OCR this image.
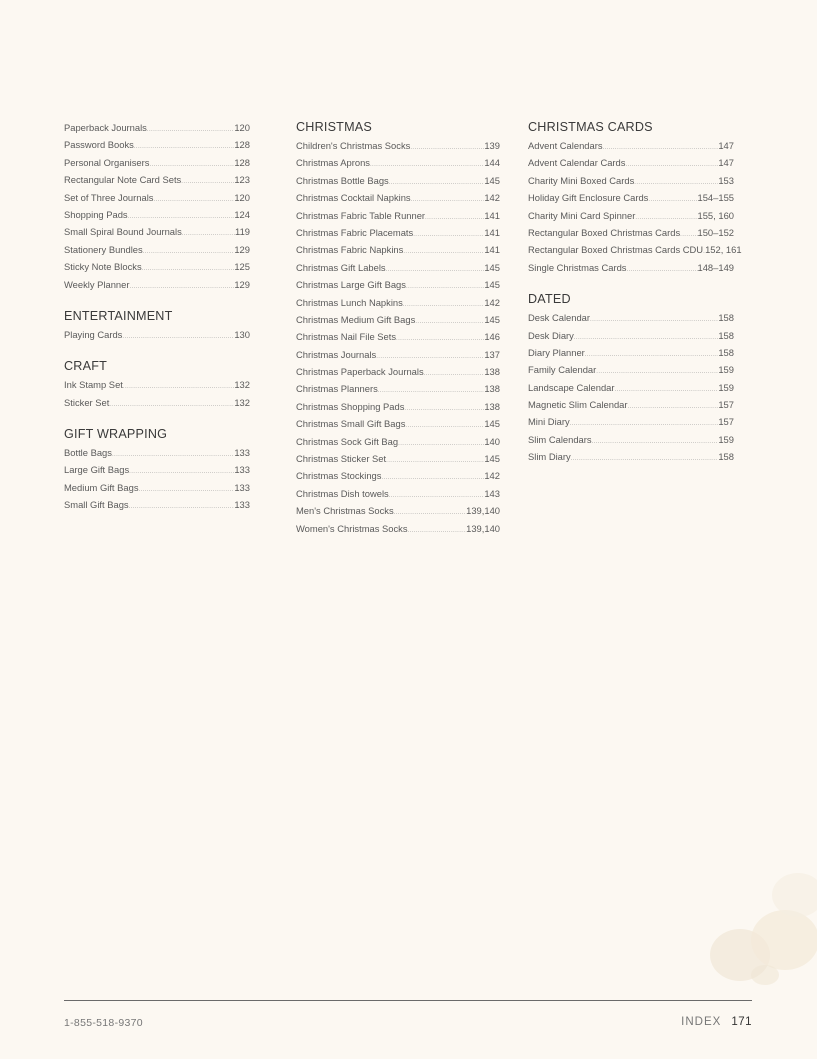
Paperback Journals .....	120
Password Books .....	128
Personal Organisers .....	128
Rectangular Note Card Sets .....	123
Set of Three Journals .....	120
Shopping Pads .....	124
Small Spiral Bound Journals .....	119
Stationery Bundles .....	129
Sticky Note Blocks .....	125
Weekly Planner .....	129
ENTERTAINMENT
Playing Cards .....	130
CRAFT
Ink Stamp Set .....	132
Sticker Set .....	132
GIFT WRAPPING
Bottle Bags .....	133
Large Gift Bags .....	133
Medium Gift Bags .....	133
Small Gift Bags .....	133
CHRISTMAS
Children's Christmas Socks .....	139
Christmas Aprons .....	144
Christmas Bottle Bags .....	145
Christmas Cocktail Napkins .....	142
Christmas Fabric Table Runner .....	141
Christmas Fabric Placemats .....	141
Christmas Fabric Napkins .....	141
Christmas Gift Labels .....	145
Christmas Large Gift Bags .....	145
Christmas Lunch Napkins .....	142
Christmas Medium Gift Bags .....	145
Christmas Nail File Sets .....	146
Christmas Journals .....	137
Christmas Paperback Journals .....	138
Christmas Planners .....	138
Christmas Shopping Pads .....	138
Christmas Small Gift Bags .....	145
Christmas Sock Gift Bag .....	140
Christmas Sticker Set .....	145
Christmas Stockings .....	142
Christmas Dish towels .....	143
Men's Christmas Socks .....	139,140
Women's Christmas Socks .....	139,140
CHRISTMAS CARDS
Advent Calendars .....	147
Advent Calendar Cards .....	147
Charity Mini Boxed Cards .....	153
Holiday Gift Enclosure Cards .....	154–155
Charity Mini Card Spinner .....	155, 160
Rectangular Boxed Christmas Cards ..... 150–152
Rectangular Boxed Christmas Cards CDU ..... 152, 161
Single Christmas Cards .....	148–149
DATED
Desk Calendar .....	158
Desk Diary .....	158
Diary Planner .....	158
Family Calendar .....	159
Landscape Calendar .....	159
Magnetic Slim Calendar .....	157
Mini Diary .....	157
Slim Calendars .....	159
Slim Diary .....	158
1-855-518-9370	INDEX 171
